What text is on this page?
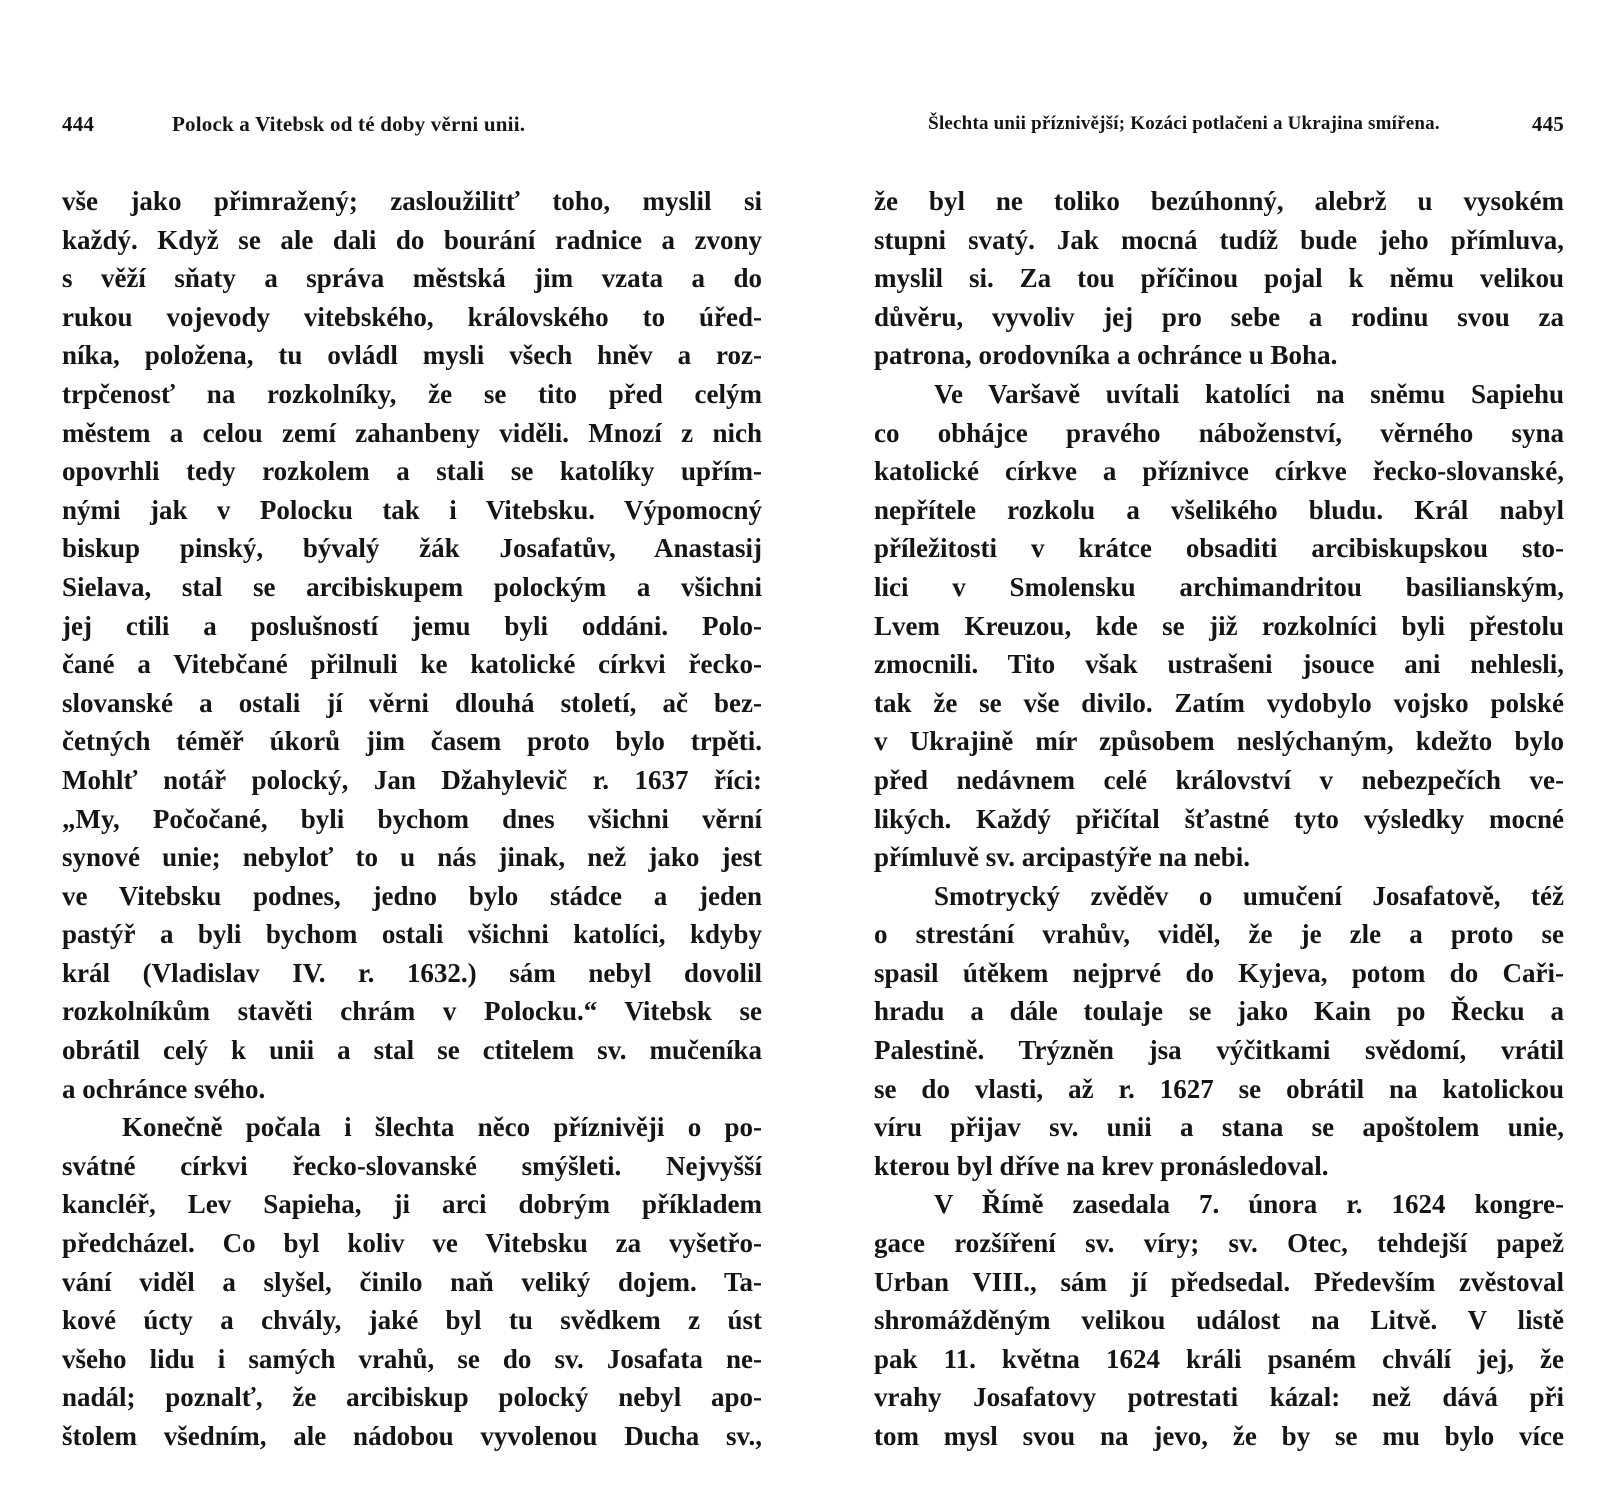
444	Polock a Vitebsk od té doby věrni unii.
vše jako přimražený; zasloužilitť toho, myslil si
každý. Když se ale dali do bourání radnice a zvony
s věží sňaty a správa městská jim vzata a do
rukou vojevody vitebského, královského to úřed-
níka, položena, tu ovládl mysli všech hněv a roz-
trpčenosť na rozkolníky, že se tito před celým
městem a celou zemí zahanbeny viděli. Mnozí z nich
opovrhli tedy rozkolem a stali se katolíky upřím-
nými jak v Polocku tak i Vitebsku. Výpomocný
biskup pinský, bývalý žák Josafatův, Anastasij
Sielava, stal se arcibiskupem polockým a všichni
jej ctili a poslušností jemu byli oddáni. Polo-
čané a Vitebčané přilnuli ke katolické církvi řecko-
slovanské a ostali jí věrni dlouhá století, ač bez-
četných téměř úkorů jim časem proto bylo trpěti.
Mohlť notář polocký, Jan Džahylevič r. 1637 říci:
„My, Počočané, byli bychom dnes všichni věrní
synové unie; nebyloť to u nás jinak, než jako jest
ve Vitebsku podnes, jedno bylo stádce a jeden
pastýř a byli bychom ostali všichni katolíci, kdyby
král (Vladislav IV. r. 1632.) sám nebyl dovolil
rozkolníkům stavěti chrám v Polocku.“ Vitebsk se
obrátil celý k unii a stal se ctitelem sv. mučeníka
a ochránce svého.
Konečně počala i šlechta něco příznivěji o po-
svátné církvi řecko-slovanské smýšleti. Nejvyšší
kancléř, Lev Sapieha, ji arci dobrým příkladem
předcházel. Co byl koliv ve Vitebsku za vyšetřo-
vání viděl a slyšel, činilo naň veliký dojem. Ta-
kové úcty a chvály, jaké byl tu svědkem z úst
všeho lidu i samých vrahů, se do sv. Josafata ne-
nadál; poznalť, že arcibiskup polocký nebyl apo-
štolem všedním, ale nádobou vyvolenou Ducha sv.,
Šlechta unii příznivější; Kozáci potlačeni a Ukrajina smířena.	445
že byl ne toliko bezúhonný, alebrž u vysokém
stupni svatý. Jak mocná tudíž bude jeho přímluva,
myslil si. Za tou příčinou pojal k němu velikou
důvěru, vyvoliv jej pro sebe a rodinu svou za
patrona, orodovníka a ochránce u Boha.
Ve Varšavě uvítali katolíci na sněmu Sapiehu
co obhájce pravého náboženství, věrného syna
katolické církve a příznivce církve řecko-slovanské,
nepřítele rozkolu a všelikého bludu. Král nabyl
příležitosti v krátce obsaditi arcibiskupskou sto-
lici v Smolensku archimandritou basilianským,
Lvem Kreuzou, kde se již rozkolníci byli přestolu
zmocnili. Tito však ustrašeni jsouce ani nehlesli,
tak že se vše divilo. Zatím vydobylo vojsko polské
v Ukrajině mír způsobem neslýchaným, kdežto bylo
před nedávnem celé království v nebezpečích ve-
likých. Každý přičítal šťastné tyto výsledky mocné
přímluvě sv. arcipastýře na nebi.
Smotrycký zvěděv o umučení Josafatově, též
o strestání vrahův, viděl, že je zle a proto se
spasil útěkem nejprvé do Kyjeva, potom do Caři-
hradu a dále toulaje se jako Kain po Řecku a
Palestině. Trýzněn jsa výčitkami svědomí, vrátil
se do vlasti, až r. 1627 se obrátil na katolickou
víru přijav sv. unii a stana se apoštolem unie,
kterou byl dříve na krev pronásledoval.
V Římě zasedala 7. února r. 1624 kongre-
gace rozšíření sv. víry; sv. Otec, tehdejší papež
Urban VIII., sám jí předsedal. Především zvěstoval
shromážděným velikou událost na Litvě. V listě
pak 11. května 1624 králi psaném chválí jej, že
vrahy Josafatovy potrestati kázal: než dává při
tom mysl svou na jevo, že by se mu bylo více
